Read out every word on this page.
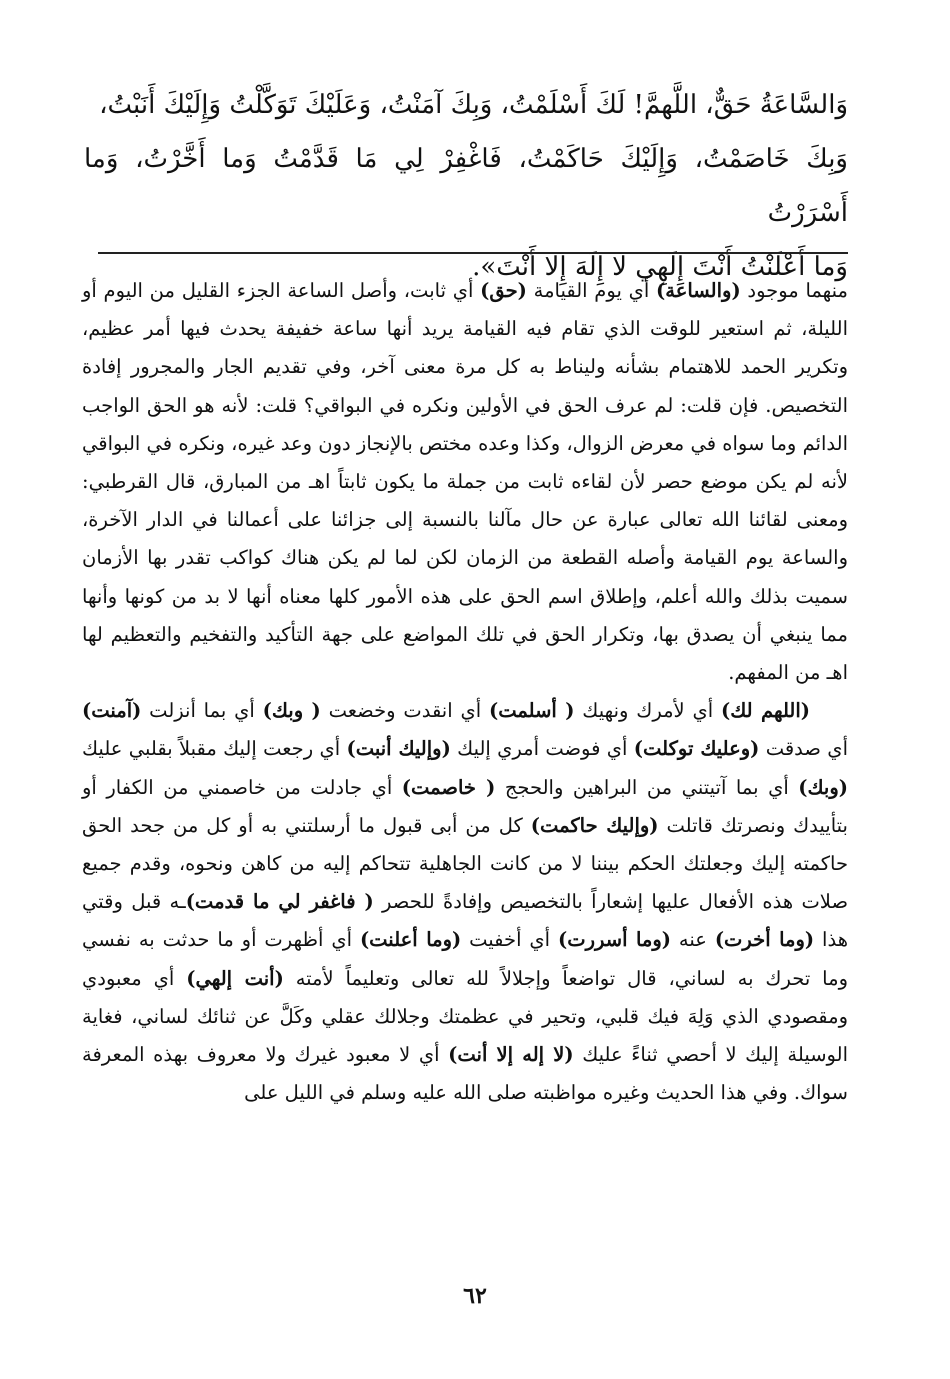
وَالسَّاعَةُ حَقٌّ، اللَّهمَّ! لَكَ أَسْلَمْتُ، وَبِكَ آمَنْتُ، وَعَلَيْكَ تَوَكَّلْتُ وَإِلَيْكَ أَنَبْتُ،

وَبِكَ خَاصَمْتُ، وَإِلَيْكَ حَاكَمْتُ، فَاغْفِرْ لِي مَا قَدَّمْتُ وَما أَخَّرْتُ، وَما أَسْرَرْتُ

وَما أَعْلَنْتُ أَنْتَ إِلَهِي لا إِلَهَ إِلا أَنْتَ».

منهما موجود (والساعة) أي يوم القيامة (حق) أي ثابت، وأصل الساعة الجزء القليل من اليوم أو الليلة، ثم استعير للوقت الذي تقام فيه القيامة يريد أنها ساعة خفيفة يحدث فيها أمر عظيم، وتكرير الحمد للاهتمام بشأنه وليناط به كل مرة معنى آخر، وفي تقديم الجار والمجرور إفادة التخصيص. فإن قلت: لم عرف الحق في الأولين ونكره في البواقي؟ قلت: لأنه هو الحق الواجب الدائم وما سواه في معرض الزوال، وكذا وعده مختص بالإنجاز دون وعد غيره، ونكره في البواقي لأنه لم يكن موضع حصر لأن لقاءه ثابت من جملة ما يكون ثابتاً اهـ من المبارق، قال القرطبي: ومعنى لقائنا الله تعالى عبارة عن حال مآلنا بالنسبة إلى جزائنا على أعمالنا في الدار الآخرة، والساعة يوم القيامة وأصله القطعة من الزمان لكن لما لم يكن هناك كواكب تقدر بها الأزمان سميت بذلك والله أعلم، وإطلاق اسم الحق على هذه الأمور كلها معناه أنها لا بد من كونها وأنها مما ينبغي أن يصدق بها، وتكرار الحق في تلك المواضع على جهة التأكيد والتفخيم والتعظيم لها اهـ من المفهم.

(اللهم لك) أي لأمرك ونهيك ( أسلمت) أي انقدت وخضعت ( وبك) أي بما أنزلت (آمنت) أي صدقت (وعليك توكلت) أي فوضت أمري إليك (وإليك أنبت) أي رجعت إليك مقبلاً بقلبي عليك (وبك) أي بما آتيتني من البراهين والحجج ( خاصمت) أي جادلت من خاصمني من الكفار أو بتأييدك ونصرتك قاتلت (وإليك حاكمت) كل من أبى قبول ما أرسلتني به أو كل من جحد الحق حاكمته إليك وجعلتك الحكم بيننا لا من كانت الجاهلية تتحاكم إليه من كاهن ونحوه، وقدم جميع صلات هذه الأفعال عليها إشعاراً بالتخصيص وإفادةً للحصر ( فاغفر لي ما قدمت)ـه قبل وقتي هذا (وما أخرت) عنه (وما أسررت) أي أخفيت (وما أعلنت) أي أظهرت أو ما حدثت به نفسي وما تحرك به لساني، قال تواضعاً وإجلالاً لله تعالى وتعليماً لأمته (أنت إلهي) أي معبودي ومقصودي الذي وَلِهَ فيك قلبي، وتحير في عظمتك وجلالك عقلي وكَلَّ عن ثنائك لساني، فغاية الوسيلة إليك لا أحصي ثناءً عليك (لا إله إلا أنت) أي لا معبود غيرك ولا معروف بهذه المعرفة سواك. وفي هذا الحديث وغيره مواظبته صلى الله عليه وسلم في الليل على

٦٢
